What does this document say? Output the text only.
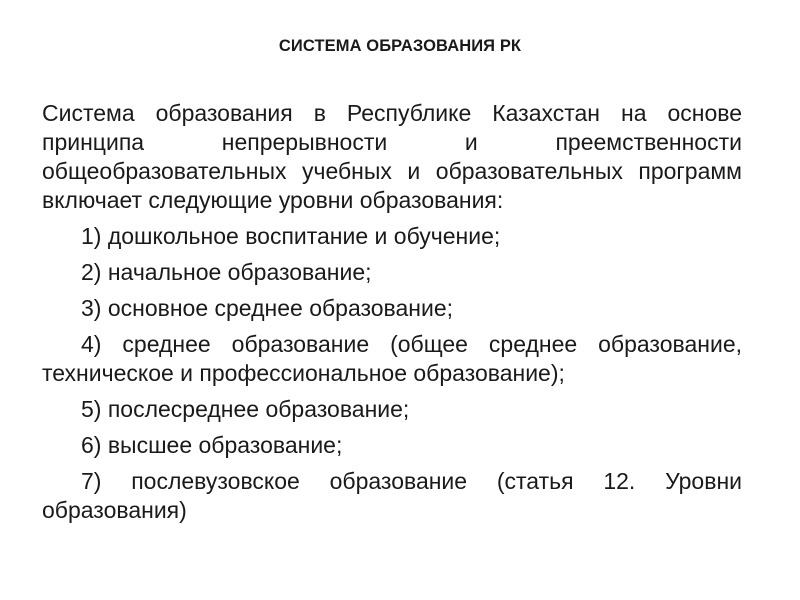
СИСТЕМА ОБРАЗОВАНИЯ РК

Система образования в Республике Казахстан на основе принципа непрерывности и преемственности общеобразовательных учебных и образовательных программ включает следующие уровни образования:

1) дошкольное воспитание и обучение;

2) начальное образование;

3) основное среднее образование;

4) среднее образование (общее среднее образование, техническое и профессиональное образование);

5) послесреднее образование;

6) высшее образование;

7) послевузовское образование (статья 12. Уровни образования)
